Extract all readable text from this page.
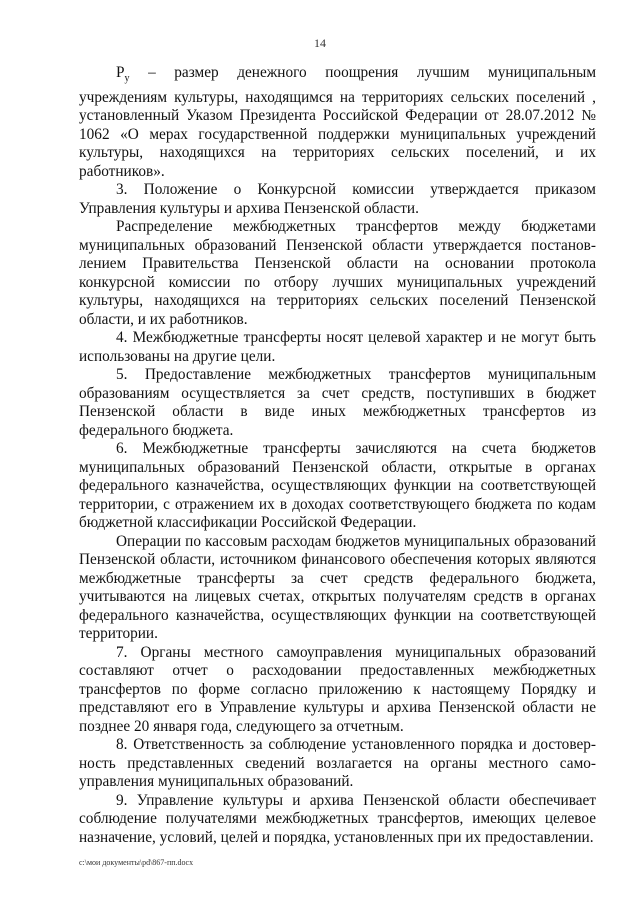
14

$Р_у$ – размер денежного поощрения лучшим муниципальным учреждениям культуры, находящимся на территориях сельских поселений , установленный Указом Президента Российской Федерации от 28.07.2012 № 1062 «О мерах государственной поддержки муниципальных учреждений культуры, находящихся на территориях сельских поселений, и их работников».

3. Положение о Конкурсной комиссии утверждается приказом Управления культуры и архива Пензенской области.

Распределение межбюджетных трансфертов между бюджетами муниципальных образований Пензенской области утверждается постанов-лением Правительства Пензенской области на основании протокола конкурсной комиссии по отбору лучших муниципальных учреждений культуры, находящихся на территориях сельских поселений Пензенской области, и их работников.

4. Межбюджетные трансферты носят целевой характер и не могут быть использованы на другие цели.

5. Предоставление межбюджетных трансфертов муниципальным образованиям осуществляется за счет средств, поступивших в бюджет Пензенской области в виде иных межбюджетных трансфертов из федерального бюджета.

6. Межбюджетные трансферты зачисляются на счета бюджетов муниципальных образований Пензенской области, открытые в органах федерального казначейства, осуществляющих функции на соответствующей территории, с отражением их в доходах соответствующего бюджета по кодам бюджетной классификации Российской Федерации.

Операции по кассовым расходам бюджетов муниципальных образований Пензенской области, источником финансового обеспечения которых являются межбюджетные трансферты за счет средств федерального бюджета, учитываются на лицевых счетах, открытых получателям средств в органах федерального казначейства, осуществляющих функции на соответствующей территории.

7. Органы местного самоуправления муниципальных образований составляют отчет о расходовании предоставленных межбюджетных трансфертов по форме согласно приложению к настоящему Порядку и представляют его в Управление культуры и архива Пензенской области не позднее 20 января года, следующего за отчетным.

8. Ответственность за соблюдение установленного порядка и достовер-ность представленных сведений возлагается на органы местного само-управления муниципальных образований.

9. Управление культуры и архива Пензенской области обеспечивает соблюдение получателями межбюджетных трансфертов, имеющих целевое назначение, условий, целей и порядка, установленных при их предоставлении.

c:\мои документы\pd\867-пп.docx
